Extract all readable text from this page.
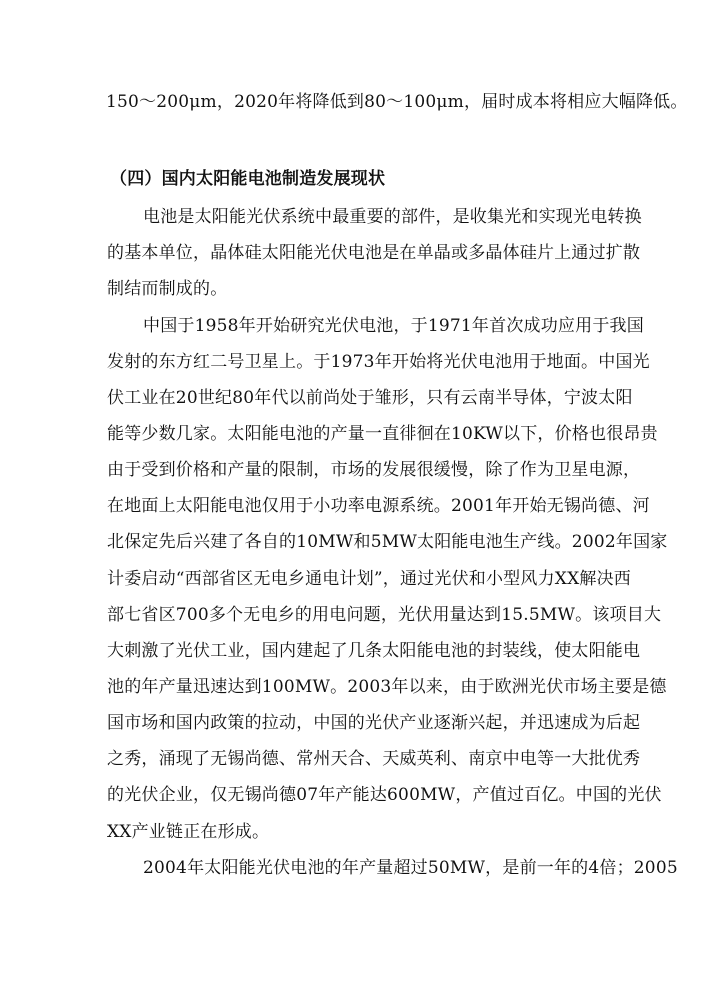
150～200μm，2020年将降低到80～100μm，届时成本将相应大幅降低。
（四）国内太阳能电池制造发展现状
电池是太阳能光伏系统中最重要的部件，是收集光和实现光电转换
的基本单位，晶体硅太阳能光伏电池是在单晶或多晶体硅片上通过扩散
制结而制成的。
中国于1958年开始研究光伏电池，于1971年首次成功应用于我国
发射的东方红二号卫星上。于1973年开始将光伏电池用于地面。中国光
伏工业在20世纪80年代以前尚处于雏形，只有云南半导体，宁波太阳
能等少数几家。太阳能电池的产量一直徘徊在10KW以下，价格也很昂贵
由于受到价格和产量的限制，市场的发展很缓慢，除了作为卫星电源，
在地面上太阳能电池仅用于小功率电源系统。2001年开始无锡尚德、河
北保定先后兴建了各自的10MW和5MW太阳能电池生产线。2002年国家
计委启动“西部省区无电乡通电计划”，通过光伏和小型风力XX解决西
部七省区700多个无电乡的用电问题，光伏用量达到15.5MW。该项目大
大刺激了光伏工业，国内建起了几条太阳能电池的封装线，使太阳能电
池的年产量迅速达到100MW。2003年以来，由于欧洲光伏市场主要是德
国市场和国内政策的拉动，中国的光伏产业逐渐兴起，并迅速成为后起
之秀，涌现了无锡尚德、常州天合、天威英利、南京中电等一大批优秀
的光伏企业，仅无锡尚德07年产能达600MW，产值过百亿。中国的光伏
XX产业链正在形成。
2004年太阳能光伏电池的年产量超过50MW，是前一年的4倍；2005
